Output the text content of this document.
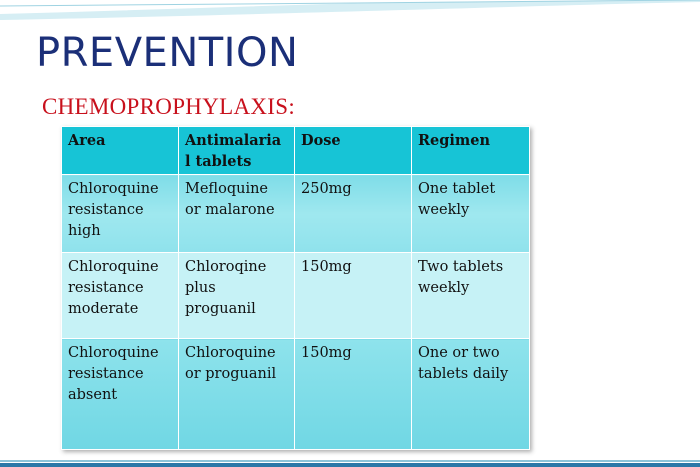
PREVENTION
CHEMOPROPHYLAXIS:
Area	Antimalaria l tablets	Dose	Regimen
Chloroquine resistance high	Mefloquine or malarone	250mg	One tablet weekly
Chloroquine resistance moderate	Chloroqine plus proguanil	150mg	Two tablets weekly
Chloroquine resistance absent	Chloroquine or proguanil	150mg	One or two tablets daily
